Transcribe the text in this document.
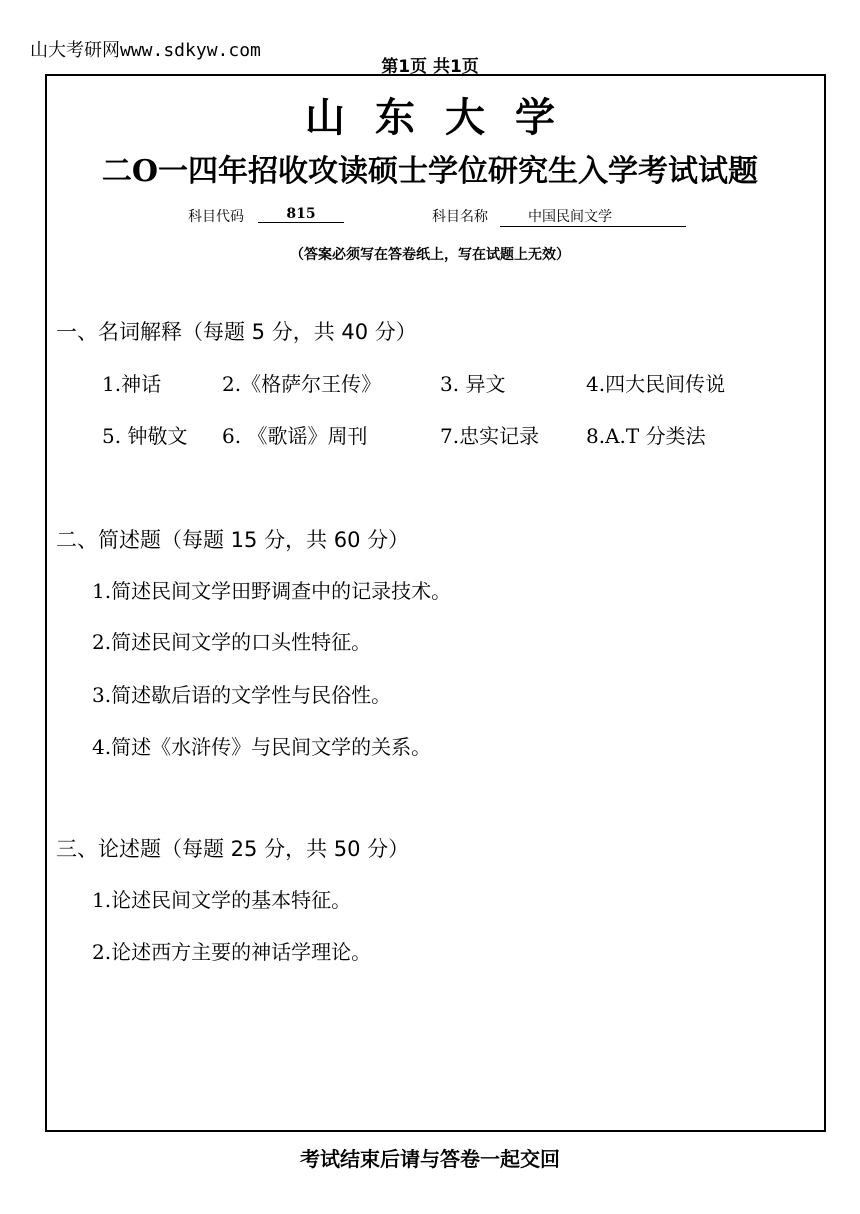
山大考研网www.sdkyw.com
第1页 共1页
山东大学
二O一四年招收攻读硕士学位研究生入学考试试题
科目代码	815	科目名称	中国民间文学
（答案必须写在答卷纸上，写在试题上无效）
一、名词解释（每题 5 分，共 40 分）
1.神话	2.《格萨尔王传》	3. 异文	4.四大民间传说
5. 钟敬文 6. 《歌谣》周刊	7.忠实记录 8.A.T 分类法
二、简述题（每题 15 分，共 60 分）
1.简述民间文学田野调查中的记录技术。
2.简述民间文学的口头性特征。
3.简述歇后语的文学性与民俗性。
4.简述《水浒传》与民间文学的关系。
三、论述题（每题 25 分，共 50 分）
1.论述民间文学的基本特征。
2.论述西方主要的神话学理论。
考试结束后请与答卷一起交回
